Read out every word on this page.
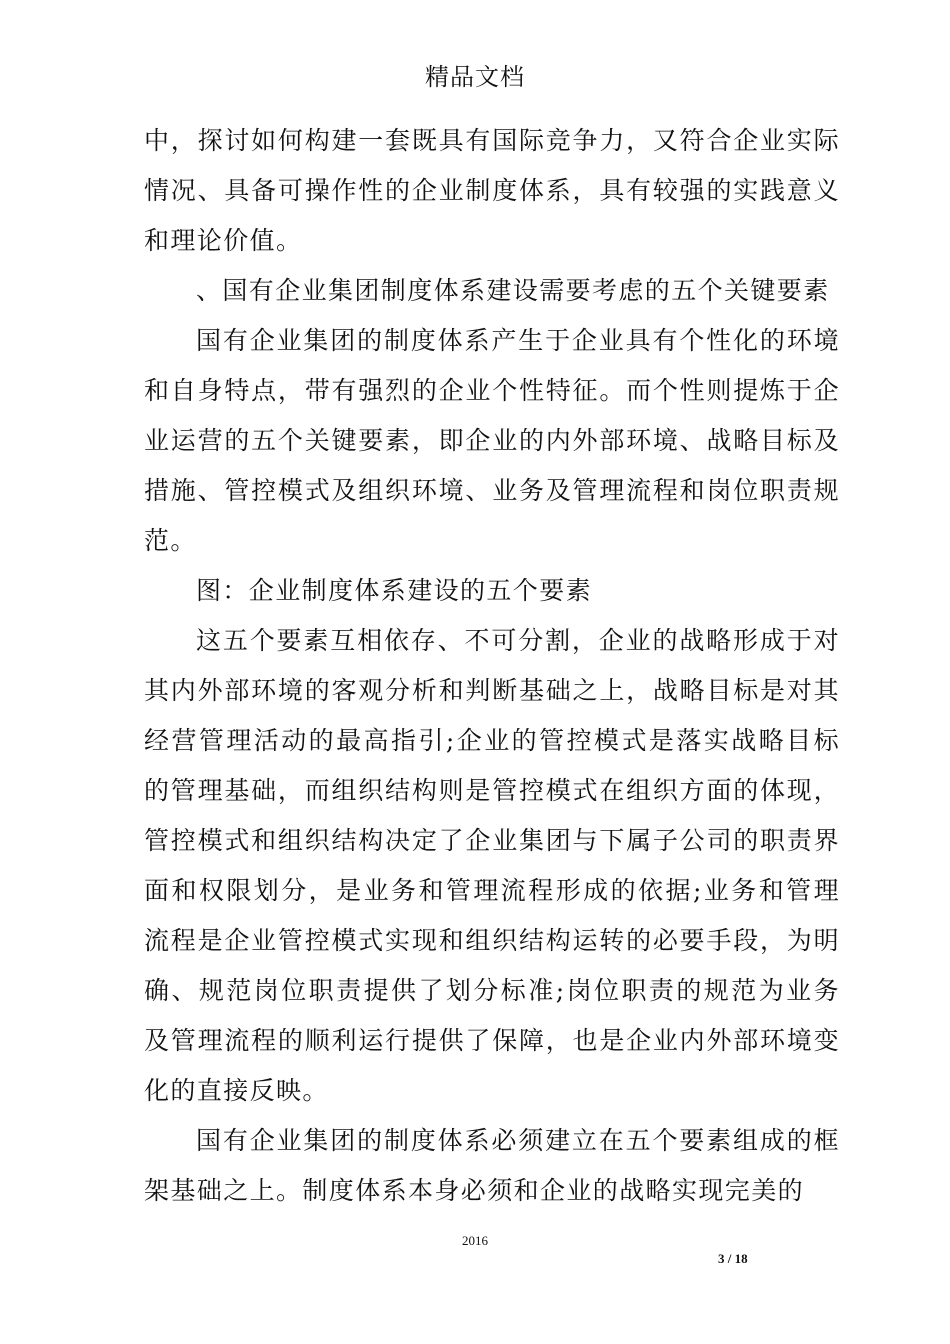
精品文档

中，探讨如何构建一套既具有国际竞争力，又符合企业实际情况、具备可操作性的企业制度体系，具有较强的实践意义和理论价值。

、国有企业集团制度体系建设需要考虑的五个关键要素

国有企业集团的制度体系产生于企业具有个性化的环境和自身特点，带有强烈的企业个性特征。而个性则提炼于企业运营的五个关键要素，即企业的内外部环境、战略目标及措施、管控模式及组织环境、业务及管理流程和岗位职责规范。

图：企业制度体系建设的五个要素

这五个要素互相依存、不可分割，企业的战略形成于对其内外部环境的客观分析和判断基础之上，战略目标是对其经营管理活动的最高指引;企业的管控模式是落实战略目标的管理基础，而组织结构则是管控模式在组织方面的体现，管控模式和组织结构决定了企业集团与下属子公司的职责界面和权限划分，是业务和管理流程形成的依据;业务和管理流程是企业管控模式实现和组织结构运转的必要手段，为明确、规范岗位职责提供了划分标准;岗位职责的规范为业务及管理流程的顺利运行提供了保障，也是企业内外部环境变化的直接反映。

国有企业集团的制度体系必须建立在五个要素组成的框架基础之上。制度体系本身必须和企业的战略实现完美的

2016
3 / 18
